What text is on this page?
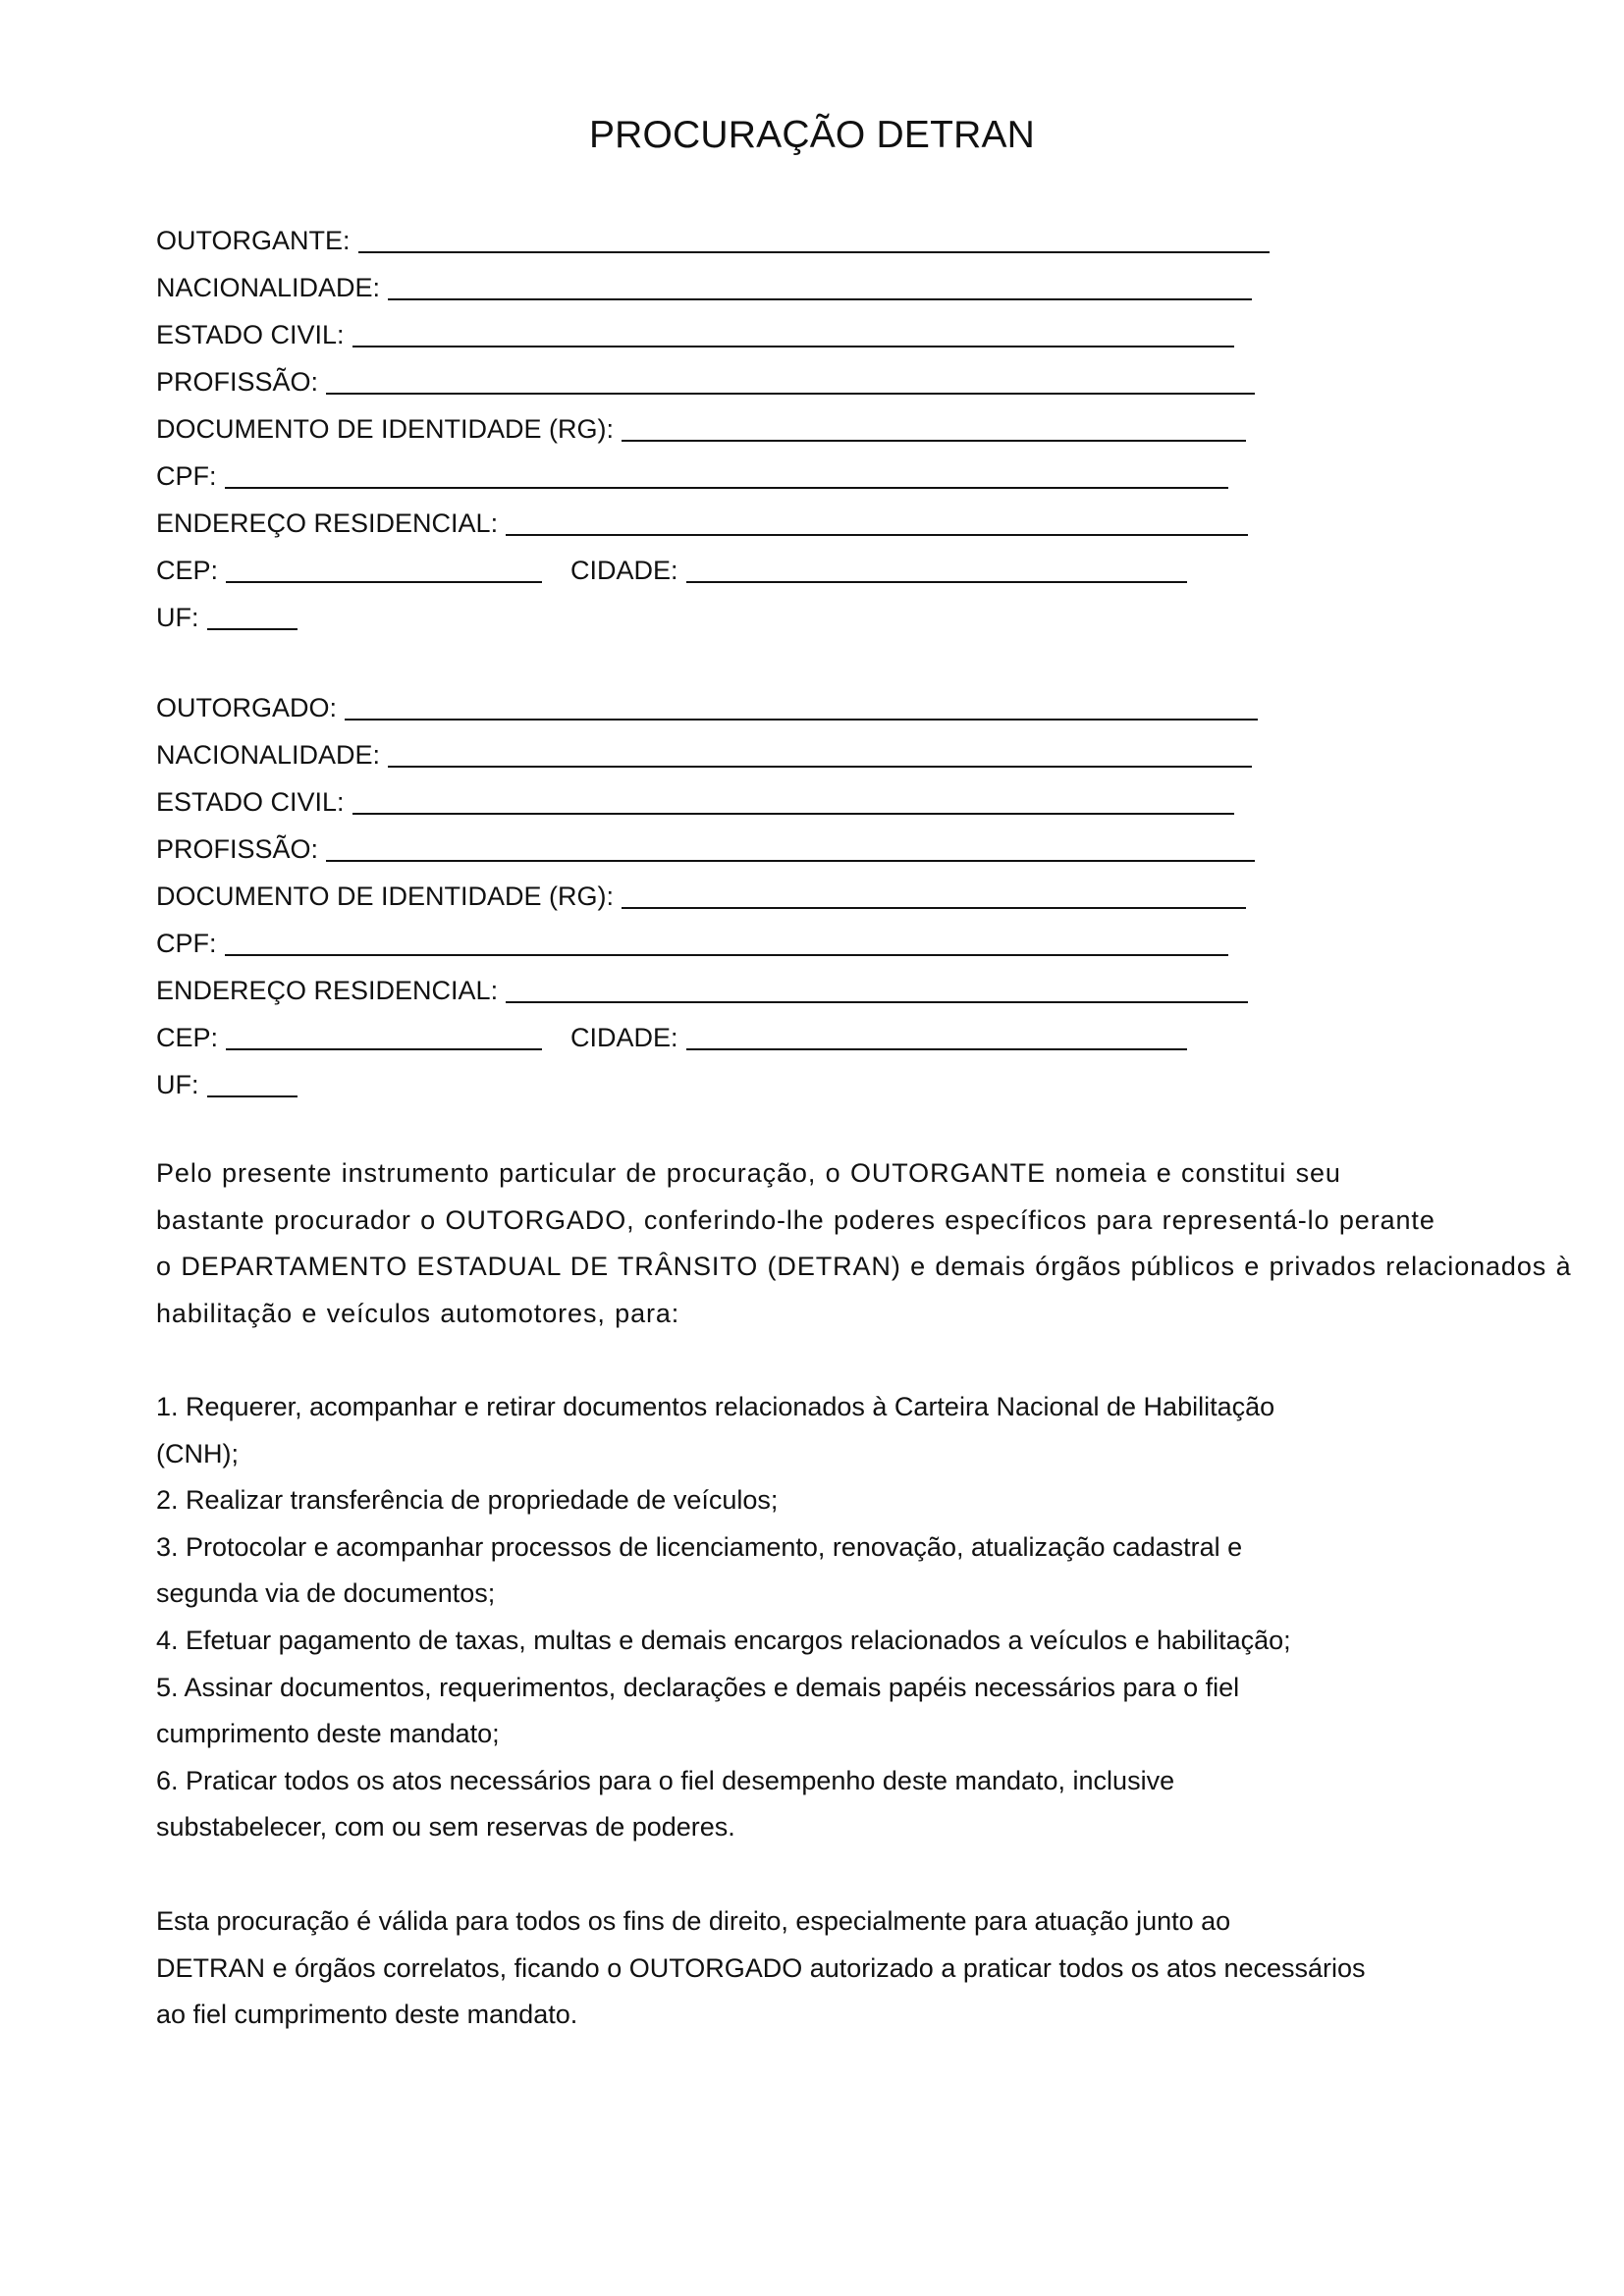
PROCURAÇÃO DETRAN
OUTORGANTE:
NACIONALIDADE:
ESTADO CIVIL:
PROFISSÃO:
DOCUMENTO DE IDENTIDADE (RG):
CPF:
ENDEREÇO RESIDENCIAL:
CEP:	CIDADE:
UF:
OUTORGADO:
NACIONALIDADE:
ESTADO CIVIL:
PROFISSÃO:
DOCUMENTO DE IDENTIDADE (RG):
CPF:
ENDEREÇO RESIDENCIAL:
CEP:	CIDADE:
UF:
Pelo presente instrumento particular de procuração, o OUTORGANTE nomeia e constitui seu
bastante procurador o OUTORGADO, conferindo-lhe poderes específicos para representá-lo perante
o DEPARTAMENTO ESTADUAL DE TRÂNSITO (DETRAN) e demais órgãos públicos e privados relacionados à
habilitação e veículos automotores, para:
1. Requerer, acompanhar e retirar documentos relacionados à Carteira Nacional de Habilitação
(CNH);
2. Realizar transferência de propriedade de veículos;
3. Protocolar e acompanhar processos de licenciamento, renovação, atualização cadastral e
segunda via de documentos;
4. Efetuar pagamento de taxas, multas e demais encargos relacionados a veículos e habilitação;
5. Assinar documentos, requerimentos, declarações e demais papéis necessários para o fiel
cumprimento deste mandato;
6. Praticar todos os atos necessários para o fiel desempenho deste mandato, inclusive
substabelecer, com ou sem reservas de poderes.
Esta procuração é válida para todos os fins de direito, especialmente para atuação junto ao
DETRAN e órgãos correlatos, ficando o OUTORGADO autorizado a praticar todos os atos necessários
ao fiel cumprimento deste mandato.
